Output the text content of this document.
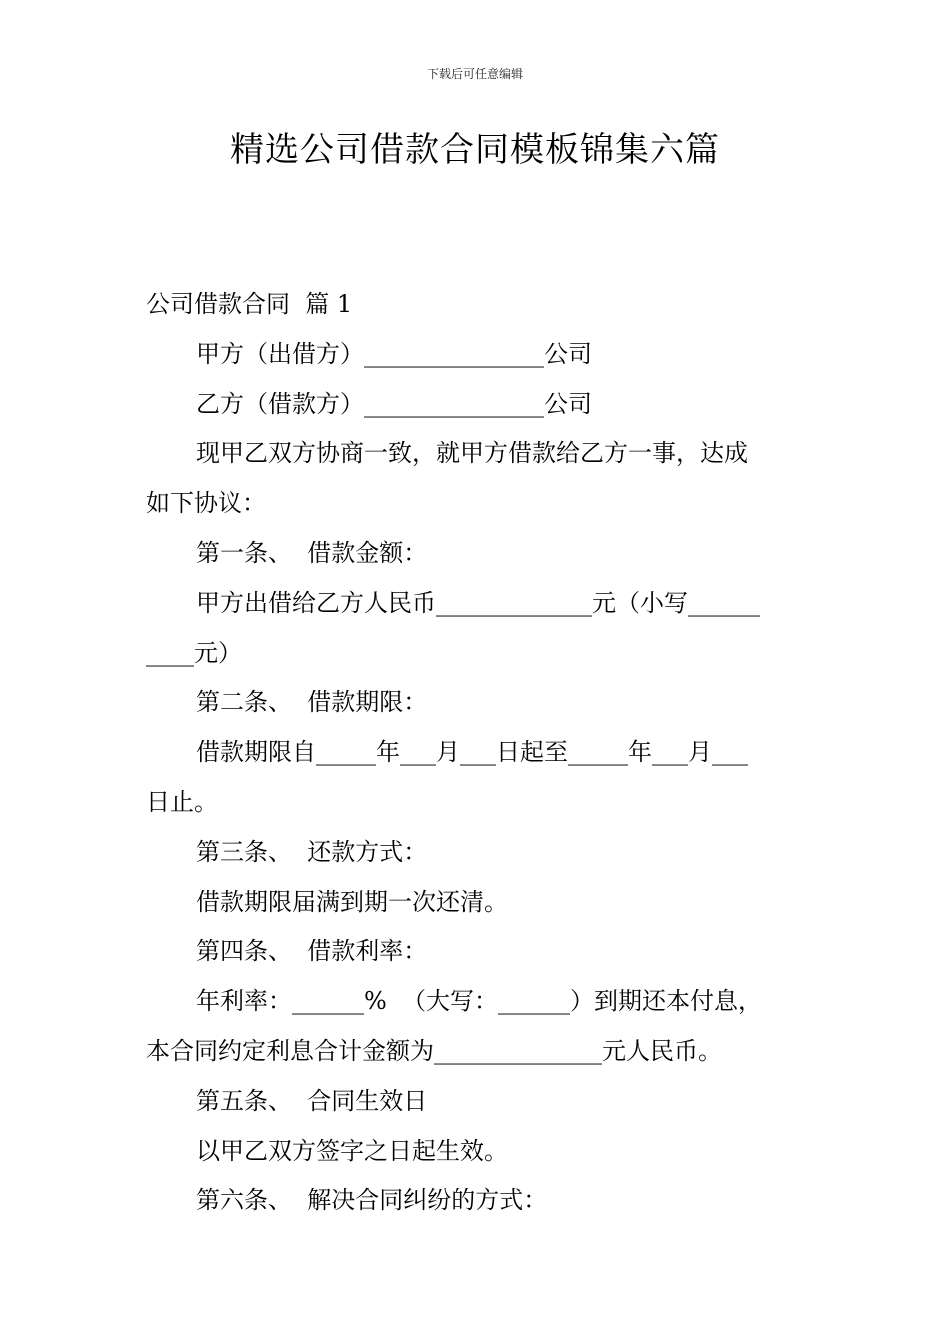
下载后可任意编辑
精选公司借款合同模板锦集六篇
公司借款合同  篇 1
甲方（出借方）_______________公司
乙方（借款方）_______________公司
现甲乙双方协商一致，就甲方借款给乙方一事，达成
如下协议：
第一条、  借款金额：
甲方出借给乙方人民币_____________元（小写______
____元）
第二条、  借款期限：
借款期限自_____年___月___日起至_____年___月___
日止。
第三条、  还款方式：
借款期限届满到期一次还清。
第四条、  借款利率：
年利率：______%  （大写：______）到期还本付息，
本合同约定利息合计金额为______________元人民币。
第五条、  合同生效日
以甲乙双方签字之日起生效。
第六条、  解决合同纠纷的方式：
